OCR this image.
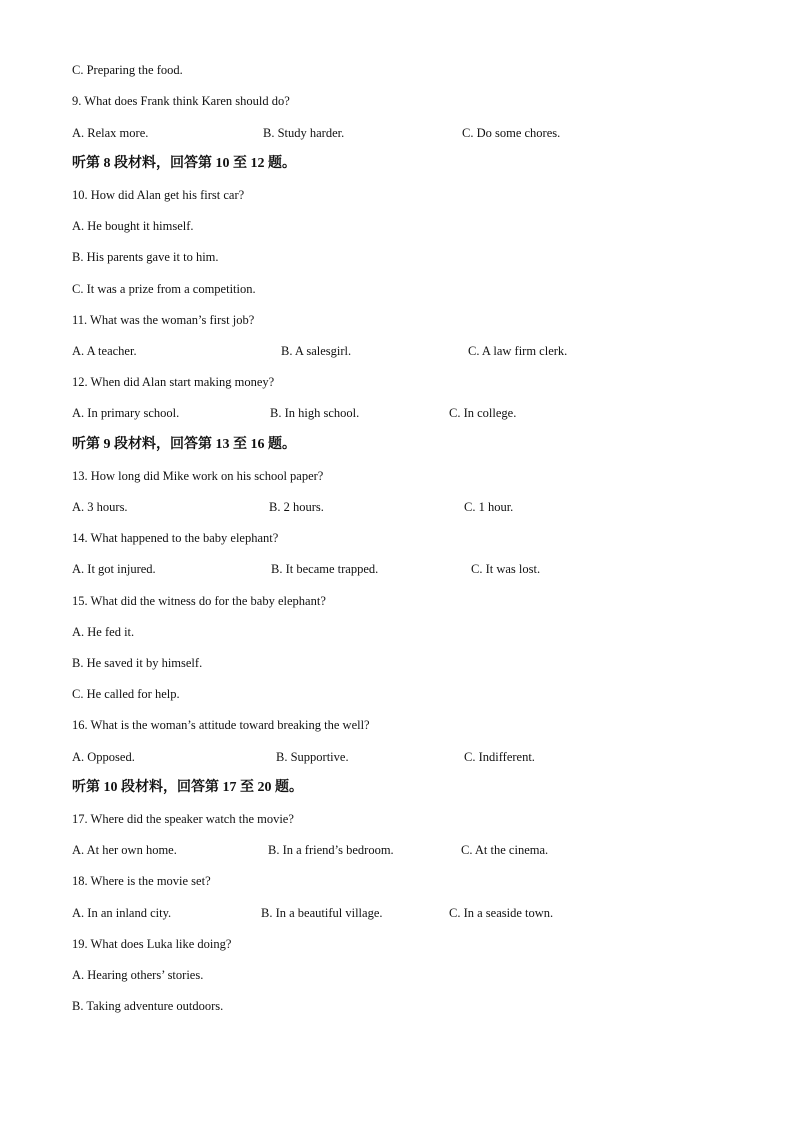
C. Preparing the food.
9. What does Frank think Karen should do?
A. Relax more.	B. Study harder.	C. Do some chores.
听第 8 段材料，回答第 10 至 12 题。
10. How did Alan get his first car?
A. He bought it himself.
B. His parents gave it to him.
C. It was a prize from a competition.
11. What was the woman’s first job?
A. A teacher.	B. A salesgirl.	C. A law firm clerk.
12. When did Alan start making money?
A. In primary school.	B. In high school.	C. In college.
听第 9 段材料，回答第 13 至 16 题。
13. How long did Mike work on his school paper?
A. 3 hours.	B. 2 hours.	C. 1 hour.
14. What happened to the baby elephant?
A. It got injured.	B. It became trapped.	C. It was lost.
15. What did the witness do for the baby elephant?
A. He fed it.
B. He saved it by himself.
C. He called for help.
16. What is the woman’s attitude toward breaking the well?
A. Opposed.	B. Supportive.	C. Indifferent.
听第 10 段材料，回答第 17 至 20 题。
17. Where did the speaker watch the movie?
A. At her own home.	B. In a friend’s bedroom.	C. At the cinema.
18. Where is the movie set?
A. In an inland city.	B. In a beautiful village.	C. In a seaside town.
19. What does Luka like doing?
A. Hearing others’ stories.
B. Taking adventure outdoors.
